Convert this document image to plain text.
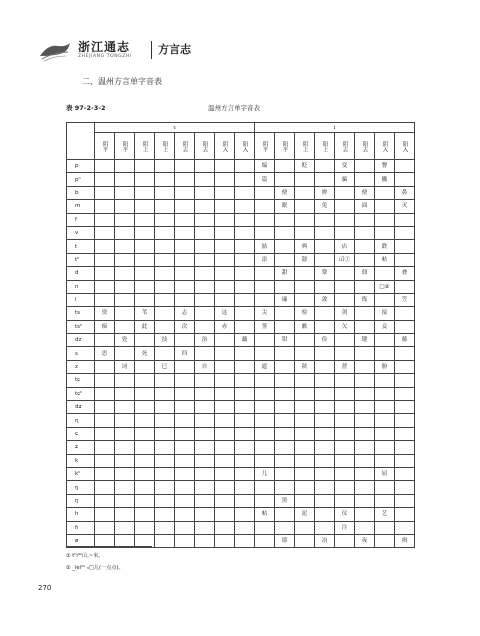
浙江通志
ZHEJIANG TONGZHI
方言志
二、温州方言单字音表
表 97-2-3-2	温州方言单字音表
	ɿ								i							
	阴平	阳平	阴上	阳上	阴去	阳去	阴入	阳入	阴平	阳平	阴上	阳上	阴去	阳去	阴入	阳入
p									编		贬		变		瞥	
pʰ									篇				骗		撇	
b										便		辫		便		鼻
m										眠		免		面		灭
f																
v																
t									掂		典		店		跌	
tʰ									添		舔		𠙶①		帖	
d										甜		簟		佃		叠
n															□②	
l										廉		敛		炼		笠
ts	资		苇		志		这		尖		检		剑		接	
tsʰ	痴		此		次		赤		签		歉		欠		妾	
dz		瓷		技		治		藕		钳		俭		键		藤
s	思		死		四											
z		词		巳		自			遮		陕		蔗		胁	
tɕ																
tɕʰ																
dʑ																
ɳ																
ɕ																
ʑ																
k																
kʰ									儿						屈	
ŋ																
ŋ										黑						
h									帖		泥		仪		艺	
ɦ													注			
ø										耶		冶		夜		揖
① tʰi⁴²𠙶,~米。
② _lei²¹ ₃□儿(一点点)。
270
